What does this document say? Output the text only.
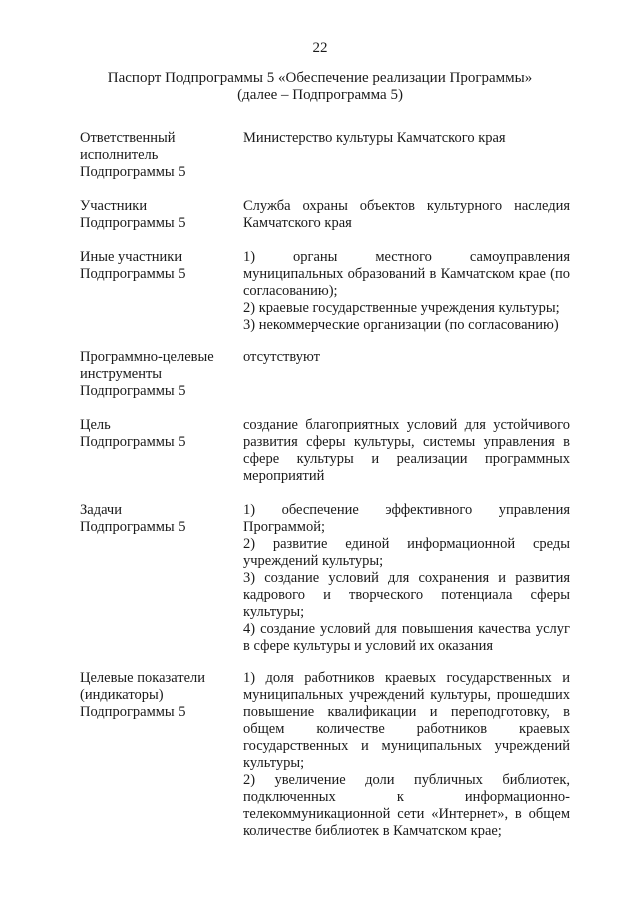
22
Паспорт Подпрограммы 5 «Обеспечение реализации Программы»
(далее – Подпрограмма 5)
Ответственный
исполнитель
Подпрограммы 5
Министерство культуры Камчатского края
Участники
Подпрограммы 5
Служба охраны объектов культурного наследия Камчатского края
Иные участники
Подпрограммы 5
1) органы местного самоуправления муниципальных образований в Камчатском крае (по согласованию);
2) краевые государственные учреждения культуры;
3) некоммерческие организации (по согласованию)
Программно-целевые
инструменты
Подпрограммы 5
отсутствуют
Цель
Подпрограммы 5
создание благоприятных условий для устойчивого развития сферы культуры, системы управления в сфере культуры и реализации программных мероприятий
Задачи
Подпрограммы 5
1) обеспечение эффективного управления Программой;
2) развитие единой информационной среды учреждений культуры;
3) создание условий для сохранения и развития кадрового и творческого потенциала сферы культуры;
4) создание условий для повышения качества услуг в сфере культуры и условий их оказания
Целевые показатели
(индикаторы)
Подпрограммы 5
1) доля работников краевых государственных и муниципальных учреждений культуры, прошедших повышение квалификации и переподготовку, в общем количестве работников краевых государственных и муниципальных учреждений культуры;
2) увеличение доли публичных библиотек, подключенных к информационно-телекоммуникационной сети «Интернет», в общем количестве библиотек в Камчатском крае;
